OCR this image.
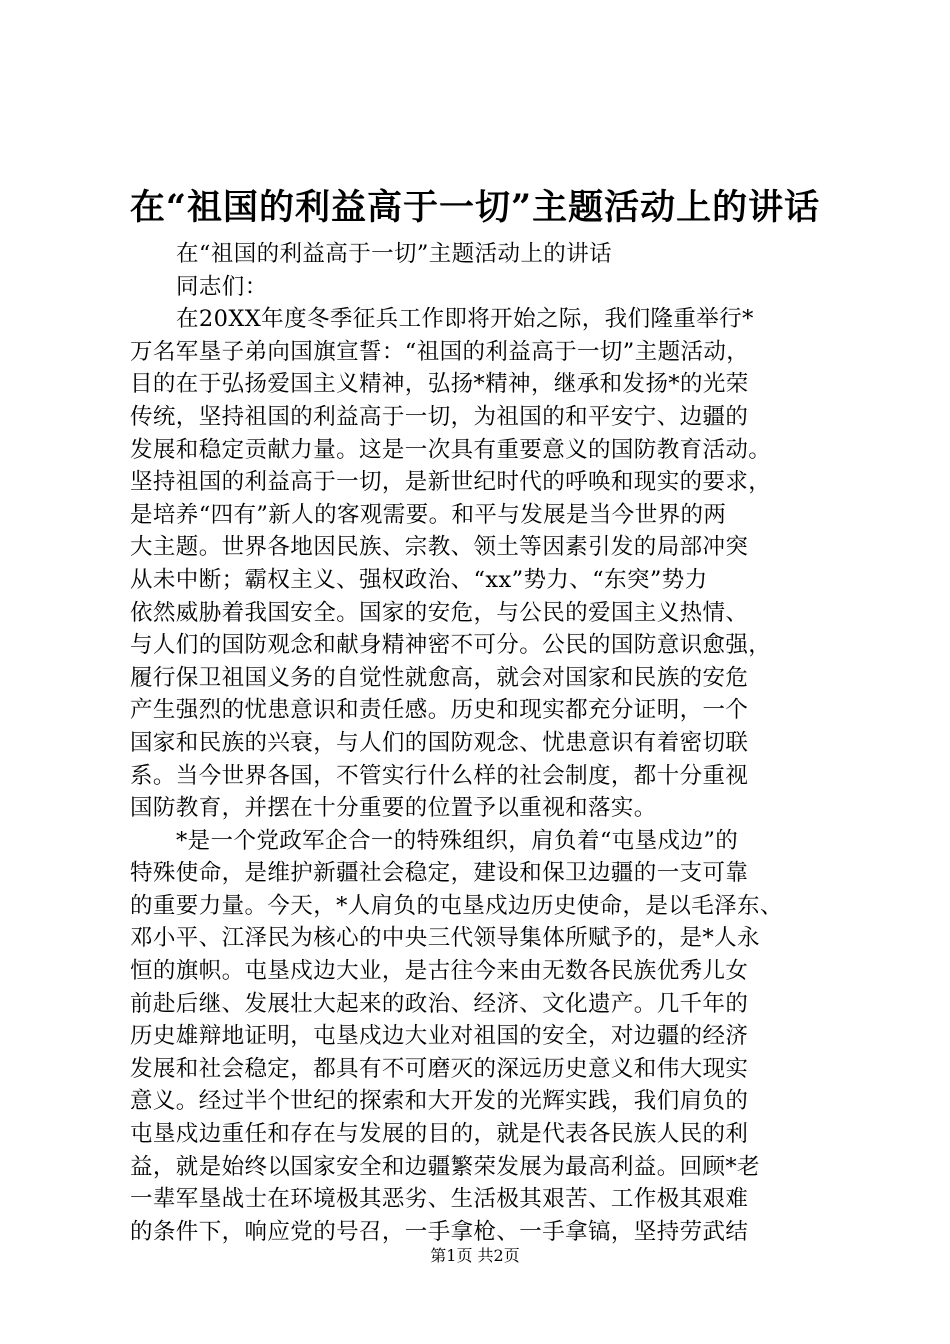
在“祖国的利益高于一切”主题活动上的讲话
在“祖国的利益高于一切”主题活动上的讲话
同志们：
在20XX年度冬季征兵工作即将开始之际，我们隆重举行*
万名军垦子弟向国旗宣誓：“祖国的利益高于一切”主题活动，
目的在于弘扬爱国主义精神，弘扬*精神，继承和发扬*的光荣
传统，坚持祖国的利益高于一切，为祖国的和平安宁、边疆的
发展和稳定贡献力量。这是一次具有重要意义的国防教育活动。
坚持祖国的利益高于一切，是新世纪时代的呼唤和现实的要求，
是培养“四有”新人的客观需要。和平与发展是当今世界的两
大主题。世界各地因民族、宗教、领土等因素引发的局部冲突
从未中断；霸权主义、强权政治、“xx”势力、“东突”势力
依然威胁着我国安全。国家的安危，与公民的爱国主义热情、
与人们的国防观念和献身精神密不可分。公民的国防意识愈强，
履行保卫祖国义务的自觉性就愈高，就会对国家和民族的安危
产生强烈的忧患意识和责任感。历史和现实都充分证明，一个
国家和民族的兴衰，与人们的国防观念、忧患意识有着密切联
系。当今世界各国，不管实行什么样的社会制度，都十分重视
国防教育，并摆在十分重要的位置予以重视和落实。
*是一个党政军企合一的特殊组织，肩负着“屯垦戍边”的
特殊使命，是维护新疆社会稳定，建设和保卫边疆的一支可靠
的重要力量。今天，*人肩负的屯垦戍边历史使命，是以毛泽东、
邓小平、江泽民为核心的中央三代领导集体所赋予的，是*人永
恒的旗帜。屯垦戍边大业，是古往今来由无数各民族优秀儿女
前赴后继、发展壮大起来的政治、经济、文化遗产。几千年的
历史雄辩地证明，屯垦戍边大业对祖国的安全，对边疆的经济
发展和社会稳定，都具有不可磨灭的深远历史意义和伟大现实
意义。经过半个世纪的探索和大开发的光辉实践，我们肩负的
屯垦戍边重任和存在与发展的目的，就是代表各民族人民的利
益，就是始终以国家安全和边疆繁荣发展为最高利益。回顾*老
一辈军垦战士在环境极其恶劣、生活极其艰苦、工作极其艰难
的条件下，响应党的号召，一手拿枪、一手拿镐，坚持劳武结
第1页 共2页
